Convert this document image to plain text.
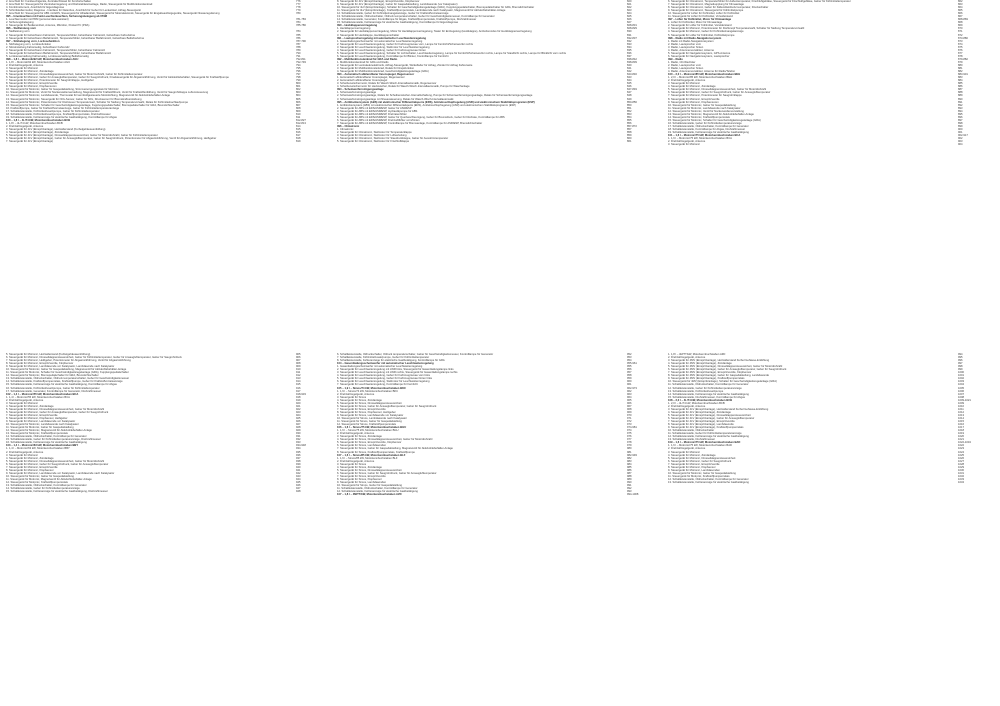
2. Anschluß für: Funkleuchtgeräte, Zentralschlüssel für Komfortschalten	776
3. Anschluß für: Steuergerät für Zentralverriegelung und Diebstahlwarnanlage, Radio, Steuergerät für Multifunktionslenkrad	777
4. Kombiinstrument, Anschluß für Eigendiagnose	778
5. Schnittstellenmodul, Diagnose - Interface für Datenbus, Anschluß für Geber für Lenkwinkel, Airbag-Steuergerät	779
7. Anschluß für: Steuergerät für ABS mit EDS, Steuergerät für Allradantrieb, Steuergerät für Motorelektronik, Steuergerät für Eingabeaufzeigegeräte, Steuergerät Niveauregulierung	780
095 – Innenleuchten mit Funk-Leuchtenleuchten, Sicherungsbelegung ab 07/98
1. Leuchtenmodul mit PDM (personal data assistant)	781-783
2. Sicherungsbelegung	784
3. Steuergerät für Bedieneinheit, Antenne, Mikrofon, Pocket PC (PDA)	785-786
096 – Stellleistung vorn
1. Stellleistung vorn	784
2. Steuergerät für beheizbaren Fahrersitz, Temperaturfühler, beheizbarer Fahrersitz, beheizbare Fahrerlehne	785
3. Steuergerät für beheizbaren Beifahrersitz, Temperaturfühler, beheizbarer Beifahrersitz, beheizbare Beifahrerlehne	786
097 – Sitzbelegung vorn, Lordosefunktion	787-790
1. Sitzbelegung vorn, Lordosefunktion	787
2. Sitzeinstellung Fahrerseitig, beheizbarer Fahrersitz	788
3. Steuergerät für beheizbaren Fahrersitz, Temperaturfühler, beheizbarer Fahrersitz	789
4. Steuergerät für beheizbaren Beifahrersitz, Temperaturfühler, beheizbarer Beifahrersitz	790
5. Lordoseverstellung Fahrerseitig, Lordoseverstellung Beifahrerseitig	791
098 – 1,8 l – Motronik/92 kW, Motorkennbuchstaben AGU	792-811
1. 1,8 l – Motronik/92 kW, Motorkennbuchstaben AGU	792-793
2. Drehzahlregelgerät, Antenne	794
3. Steuergerät für Motronic	795
4. Steuergerät für Motronic, Zündanlage	796
5. Steuergerät für Motronic, Drosselklappensteuereinheit, Geber für Motorrnehzahl, Geber für Kühlmitteltemperatur	797
6. Steuergerät für Motronic, Geber für Ansauglufttemperatur, Geber für Saugrohrdruck, Finalsteuergerät für Abgasrückführung, Ventil für Aktivkohlebehälter, Steuergerät für Kraftstoffpumpe	798
7. Steuergerät für Motronic, Potentiometer für Saugrohrklappe, Heißgeber	799
8. Steuergerät für Motronic, Einspritzventile	800
9. Steuergerät für Motronic, Klopfsensoren	801
10. Steuergerät für Motronic, Geber für Gaspedalstellung, Stromversorgungsrelais für Motronic	802
11. Steuergerät für Motronic, Ventil für Nockenwellenverstellung, Magnetventil für Kraftstoffdruck, Ventil für Kraftstoffentlüftung, Ventil für Saugrohrklappe Luftumsteuerung	803
12. Steuergerät für Motronic, Lambdasonde, Thermostat für kennfeldgesteuerte Motorkühlung, Magnetventil für Aktivkohlebehälter-Anlage	804
13. Steuergerät für Motronic, Steuergerät für NOx-Sensor, Geber für NOx, Drucksensor für Bremskraftverstärkung	805
14. Steuergerät für Motronic, Potentiometer für Drehsteuer Temperaturwert, Schalter für Stellung Temperaturvorwahl, Relais für Kühlmittelnachlaufpumpe	806
15. Steuergerät für Motronic, Schalter für Geschwindigkeitsregelanlage, Kupplungspedalschalter, Bremspedalschalter für GRA, Bremslichtschalter	807
16. Kraftstoffpumpe, Geber für Kraftstoffvorratsanzeige, Geber für Kühlmitteltemperaturanzeige	808
17. Schaltleistenstelle, Kühlmittelzusatzpumpe, Geber für Kühlmitteltemperatur	809
18. Schaltleistenstelle, Kühlmittelzusatzpumpe, Kraftstoffpumpenrelais, Drehzahlmesser	810
19. Schaltleistenstelle, Fehleranzeige für elektrische Gaslbetätigung, Kontrolllampe für Abgas	811
100 – 1,8 l – 4L/74 kW, Motorkennbuchstaben BCB	812-827
1. 1,8 l – 4L/74 kW, Motorkennbuchstaben BCB	812-813
2. Drehzahlregelgerät, Antenne	814
3. Steuergerät für 4LV (Einspritzanlage), Heizwiderstand (Kurbelgehäuseentlüftung)	815
4. Steuergerät für 4LV (Einspritzanlage), Zündanlage	816
5. Steuergerät für 4LV (Einspritzanlage), Drosselklappensteuereinheit, Geber für Motordrehzahl, Geber für Kühlmitteltemperatur	817
6. Steuergerät für 4LV (Einspritzanlage), Geber für Ansauglufttemperatur, Geber für Saugrohrdruck, Potentiometer für Abgasrückführung, Ventil für Abgasrückführung, Heißgeber	818
7. Steuergerät für 4LV (Einspritzanlage)	819
8. Steuergerät für 4LV (Einspritzanlage), Einspritzventile, Klopfsensor	820
9. Steuergerät für 4LV (Einspritzanlage), Geber für Gaspedalstellung, Lambdasonde (vor Katalysator)	821
10. Steuergerät für 4LV (Einspritzanlage), Schalter für Geschwindigkeitsregelanlage (GRA), Kupplungspedalschalter, Bremspedalschalter für GRA, Bremslichtschalter	822
11. Steuergerät für 4LV (Einspritzanlage), Kraftstoffpumpenrelais, Lambdasonde nach Katalysator, Magnetventil für Aktivkohlebehälter-Anlage	823
12. Schaltleistenstelle, Geber für Kühlmittelmangelanzeige, Geber für Kraftstoffvorratsanzeige	824
13. Schaltleistenstelle, Öldruckschalter, Öldruck temperaturschalter, Geber für Geschwindigkeitsmesser, Kontrolllampe für Generator	825
14. Schaltleistenstelle, Generator, Kontrolllampe für Abgas, Kraftstoffpumpenrelais, Kraftstoffpumpe, Drehzahlmesser	826
15. Schaltleistenstelle, Fehleranzeige für elektrische Gaslbetätigung, Kontrolllampe für Eigendiagnose	827
090 – Heckklappenverriegelung	828-831
1. Heckklappenverriegelung	828-829
2. Steuergerät für Heckklappenverriegelung, Motor für Heckklappenverriegelung, Taster für Entriegelung (Heckklappe), Antriebsmodus für Heckklappenverriegelung	830
3. Steuergerät für Heckklappe, Heckklappenschalter	831
091 – Lautsprecherregelung mit automatischer Leuchtweitenregelung	832-837
1. Gasentladungsscheinwerfer mit automatischer Leuchtweitenregelung	832
2. Steuergerät für Leuchtweitenregelung, Geber für Fahrzeugniveau vorn, Lampe für Fernlicht/Scheinwerfer rechts	833
3. Steuergerät für Leuchtweitenregelung, Stellmotor für Leuchtweitenregelung	834
4. Steuergerät für Leuchtweitenregelung, Geber für Fahrzeugniveau hinten	835
5. Steuergerät für Leuchtweitenregelung, Schalter für Lichtschalter, Leuchtweitenregelung, Lampe für Fernlicht/Scheinwerfer rechts, Lampe für Standlicht rechts, Lampe für Blinklicht vorn rechts	836
6. Steuergerät für Leuchtweitenregelung, Kontrolllampe für Blinker, Kontrolllampe für Fernlicht	837
092 – Multifunktionslenkrad für GRA und Radio	838-842
1. Multifunktionslenkrad für GRA und Radio	838-839
2. Steuergerät für Lenksäulenelektronik, Airbag-Steuergerät, Wickelfeder für Airbag, Zünder für Airbag Fahrerseite	840
3. Steuergerät für Multifunktionslenkrad, Relais für Drapsfunktion	841
4. Steuergerät für Multifunktionslenkrad, Geschwindigkeitsregelanlage (GRA)	842
093 – Automatisch abblendbarer Innenspiegel, Regensensor	843-846
1. Automatisch abblendbarer Innenspiegel, Regensensor	843
2. Automatisch abblendbarer Innenspiegel	844
3. Scheibenwischermotor, Relais für Wasch-Wisch-Intervallautomatik, Regensensor	845
4. Scheibenwischermotor für Heckwischer, Relais für Wasch-Wisch-Intervallautomatik, Pumpe für Waschanlage	846
094 – Scheinwerferreinigungsanlage	847-849
1. Scheinwerferreinigungsanlage	847
2. Scheinwerferreinigungsanlage, Relais für Scheibenwischer-Intervallschaltung, Pumpe für Scheinwerferreinigungsanlage, Relais für Scheinwerferreinigungsanlage	848
3. Scheinwerferreinigungsanlage mit Niveausteuerung, Relais für Wasch-Wisch-Intervallautomatik	849
095 – Antiblockiersystem (ABS) mit elektronischer Differentialsperre (EDS), Antriebsschlupfregelung (ASR) und elektronischem Stabilitätsprogramm (ESP)	850-856
1. Antiblockiersystem (ABS) mit elektronischer Differentialsperre (EDS), Antriebsschlupfregelung (ASR) und elektronischem Stabilitätsprogramm (ESP)	850
2. Steuergerät für ABS mit EDS/ASR/ESP, Geber für ASR/ESP	851
3. Steuergerät für ABS mit EDS/ASR/ESP, Hydraulikpumpe für ABS	852
4. Steuergerät für ABS mit EDS/ASR/ESP, Drehratenfühler	853
5. Steuergerät für ABS mit EDS/ASR/ESP, Geber für Querbeschleunigung, Geber für Bremsdruck, Geber für Drehrate, Kontrolllampe für ABS	854
6. Steuergerät für ABS mit EDS/ASR/ESP, Drehzahlfühler vorn/hinten	855
7. Steuergerät für ABS mit EDS/ASR/ESP, Kontrolllampe für Bremsanlage, Kontrolllampe für ASR/ESP, Bremslichtschalter	856
096 – Climatronic	857-872
1. Climatronic	857
2. Steuergerät für Climatronic, Stellmotor für Temperaturklappe	858
3. Steuergerät für Climatronic, Stellmotor für Luftverteilung	859
4. Steuergerät für Climatronic, Stellmotor für Staudruckklappe, Geber für Ausströmtemperatur	860
5. Steuergerät für Climatronic, Stellmotor für Frischluftklappe	861
6. Steuergerät für Climatronic, Temperaturfühler für Außentemperatur, Frischluftgebläse, Steuergerät für Frischluftgebläse, Geber für Kühlmitteltemperatur	862
7. Steuergerät für Climatronic, Magnetkupplung für Klimaanlage	863
8. Steuergerät für Climatronic, Geber für Kältemitteldruck/-temperatur, Druckschalter	864
9. Steuergerät für Climatronic, Steuergerät für Kühlmittelpumpe	865
10. Steuergerät für Lüfter für Kühlmittel, Lüfter für Kühlmittel	866
11. Steuergerät für Lüfter für Kühlmittel, Vorwiderstand	867
097 – Lüfter für Kühlmittel, Motor für Klimaanlage	868-869
1. Lüfter für Kühlmittel, Motor für Klimaanlage	868
2. Steuergerät für Lüfter für Kühlmittel, Vorwiderstand	869
3. Steuergerät für Motronic, Potentiometer für Drehknopf Temperaturwahl, Schalter für Stellung Temperaturvorwahl	870
4. Steuergerät für Motronic, Geber für Kühlmittelmangelanzeige	871
5. Steuergerät für Lüfter für Kühlmittel, Kühlmittelpumpe	872
098 – Radio mit Radio-Navigationssystem	873-880
1. Radio mit Radio-Navigationssystem	873
2. Radio, Lautsprecher vorn	874
3. Radio, Lautsprecher hinten	875
4. Radio, Antennenverstärker, Antenne	876
5. Steuergerät für Navigationssystem, GPS-Antenne	877
6. Steuergerät für Navigationssystem, Lautsprecher	878
099 – Radio	879-882
1. Radio, CD-Wechsler	879
2. Radio, Lautsprecher vorn	880
3. Radio, Lautsprecher hinten	881
4. Radio, Antennenverstärker, Antenne für Radio/Telefon	882
100 – 2,0 l – Motronic/85 kW, Motorkennbuchstaben BEH	883-901
1. 2,0 l – Motronic/85 kW, Motorkennbuchstaben BEH	883
2. Drehzahlregelgerät, Antenne	884
3. Steuergerät für Motronic	885
4. Steuergerät für Motronic, Zündanlage	886
5. Steuergerät für Motronic, Drosselklappensteuereinheit, Geber für Motordrehzahl	887
6. Steuergerät für Motronic, Geber für Saugrohrdruck, Geber für Ansauglufttemperatur	888
7. Steuergerät für Motronic, Potentiometer für Saugrohrklappe	889
8. Steuergerät für Motronic, Einspritzventile	890
9. Steuergerät für Motronic, Klopfsensoren	891
10. Steuergerät für Motronic, Geber für Gaspedalstellung	892
11. Steuergerät für Motronic, Lambdasonde nach Katalysator	893
12. Steuergerät für Motronic, Ventil für Nockenwellenverstellung	894
13. Steuergerät für Motronic, Magnetventil für Aktivkohlebehälter-Anlage	895
14. Steuergerät für Motronic, Kraftstoffpumpenrelais	896
15. Steuergerät für Motronic, Schalter für Geschwindigkeitsregelanlage (GRA)	897
16. Schaltleistenstelle, Geber für Kühlmitteltemperaturanzeige	898
17. Schaltleistenstelle, Öldruckschalter, Kontrolllampe für Generator	899
18. Schaltleistenstelle, Kontrolllampe für Abgas, Drehzahlmesser	900
19. Schaltleistenstelle, Fehleranzeige für elektrische Gaslbetätigung	901
101 – 1,6 l – Motronic/75 kW, Motorkennbuchstaben BCA	902-917
1. 1,6 l – Motronic/75 kW, Motorkennbuchstaben BCA	902
2. Drehzahlregelgerät, Antenne	903
3. Steuergerät für Motronic	904
5. Steuergerät für Motronic, Heizwiderstand (Kurbelgehäuseentlüftung)	905
6. Steuergerät für Motronic, Drosselklappensteuereinheit, Geber für Kühlmitteltemperatur, Geber für Ansauglufttemperatur, Geber für Saugrohrdruck	906
7. Steuergerät für Motronic, Heißgeber, Potentiometer für Abgasrückführung, Ventil für Abgasrückführung	907
8. Steuergerät für Motronic, Einspritzventile, Klopfsensor	908
9. Steuergerät für Motronic, Lambdasonde vor Katalysator, Lambdasonde nach Katalysator	909
10. Steuergerät für Motronic, Geber für Gaspedalstellung, Magnetventil für Aktivkohlebehälter-Anlage	910
11. Steuergerät für Motronic, Schalter für Geschwindigkeitsregelanlage (GRA), Kupplungspedalschalter	911
12. Steuergerät für Motronic, Bremspedalschalter für GRA, Bremslichtschalter	912
13. Schaltleistenstelle, Öldruckschalter, Öldruck temperaturschalter, Geber für Geschwindigkeitsmesser	913
14. Schaltleistenstelle, Kraftstoffpumpenrelais, Kraftstoffpumpe, Geber für Kraftstoffvorratsanzeige	914
15. Schaltleistenstelle, Fehleranzeige für elektrische Gaslbetätigung, Kontrolllampe für Abgas	915
16. Schaltleistenstelle, Kühlmittelzusatzpumpe, Geber für Kühlmitteltemperatur	916
17. Schaltleistenstelle, Generator, Kontrolllampe für Generator, Drehzahlmesser	917
102 – 1,4 l – Motronic/55 kW, Motorkennbuchstaben BCA	918-933
1. 1,4 l – Motronic/55 kW, Motorkennbuchstaben BCA	918
2. Drehzahlregelgerät, Antenne	919
3. Steuergerät für Motronic	920
4. Steuergerät für Motronic, Zündanlage	921
5. Steuergerät für Motronic, Drosselklappensteuereinheit, Geber für Motordrehzahl	922
6. Steuergerät für Motronic, Geber für Ansauglufttemperatur, Geber für Saugrohrdruck	923
7. Steuergerät für Motronic, Einspritzventile	924
8. Steuergerät für Motronic, Klopfsensor, Heißgeber	925
9. Steuergerät für Motronic, Lambdasonde vor Katalysator	926
10. Steuergerät für Motronic, Lambdasonde nach Katalysator	927
11. Steuergerät für Motronic, Geber für Gaspedalstellung	928
12. Steuergerät für Motronic, Magnetventil für Aktivkohlebehälter-Anlage	929
13. Steuergerät für Motronic, Kraftstoffpumpenrelais	930
14. Schaltleistenstelle, Öldruckschalter, Kontrolllampe für Generator	931
15. Schaltleistenstelle, Geber für Kühlmitteltemperaturanzeige, Drehzahlmesser	932
16. Schaltleistenstelle, Fehleranzeige für elektrische Gaslbetätigung	933
103 – 1,4 l – Motronic/63 kW, Motorkennbuchstaben BBY	934-948
1. 1,4 l – Motronic/63 kW, Motorkennbuchstaben BBY	934
2. Drehzahlregelgerät, Antenne	935
3. Steuergerät für Motronic	936
4. Steuergerät für Motronic, Zündanlage	937
5. Steuergerät für Motronic, Drosselklappensteuereinheit, Geber für Motordrehzahl	938
6. Steuergerät für Motronic, Geber für Saugrohrdruck, Geber für Ansauglufttemperatur	939
7. Steuergerät für Motronic, Einspritzventile	940
8. Steuergerät für Motronic, Klopfsensor	941
9. Steuergerät für Motronic, Lambdasonde vor Katalysator, Lambdasonde nach Katalysator	942
10. Steuergerät für Motronic, Geber für Gaspedalstellung	943
11. Steuergerät für Motronic, Magnetventil für Aktivkohlebehälter-Anlage	944
12. Steuergerät für Motronic, Kraftstoffpumpenrelais	945
13. Schaltleistenstelle, Öldruckschalter, Kontrolllampe für Generator	946
14. Schaltleistenstelle, Geber für Kühlmitteltemperaturanzeige	947
15. Schaltleistenstelle, Fehleranzeige für elektrische Gaslbetätigung, Drehzahlmesser	948
6. Schaltleistenstelle, Öldruckschalter, Öldruck temperaturschalter, Geber für Geschwindigkeitsmesser, Kontrolllampe für Generator	952
7. Schaltleistenstelle, Kühlmittelzusatzpumpe, Geber für Kühlmitteltemperatur	953
8. Schaltleistenstelle, Fehleranzeige für elektrische Gaslbetätigung, Kontrolllampe für GRA	954
104 – Gasentladungsscheinwerfer mit automatischer Leuchtweitenregelung	955-961
1. Gasentladungsscheinwerfer mit automatischer Leuchtweitenregelung	955
2. Steuergerät für Leuchtweitenregelung mit LWR links, Steuergerät für Gasentladungslampe links	956
3. Steuergerät für Leuchtweitenregelung mit LWR rechts, Steuergerät für Gasentladungslampe rechts	957
4. Steuergerät für Leuchtweitenregelung, Geber für Fahrzeugniveau vorn links	958
5. Steuergerät für Leuchtweitenregelung, Geber für Fahrzeugniveau hinten links	959
6. Steuergerät für Leuchtweitenregelung, Stellmotor für Leuchtweitenregelung	960
7. Steuergerät für Leuchtweitenregelung, Kontrolllampe für Fernlicht	961
105 – 1,9 l – Simos/74 kW, Motorkennbuchstaben BKC	962-973
1. 1,9 l – Simos/74 kW, Motorkennbuchstaben BKC	962
2. Drehzahlregelgerät, Antenne	963
3. Steuergerät für Simos	964
4. Steuergerät für Simos, Zündanlage	965
5. Steuergerät für Simos, Drosselklappensteuereinheit	966
6. Steuergerät für Simos, Geber für Ansauglufttemperatur, Geber für Saugrohrdruck	967
7. Steuergerät für Simos, Einspritzventile	968
8. Steuergerät für Simos, Klopfsensor, Heißgeber	969
9. Steuergerät für Simos, Lambdasonde vor Katalysator	970
10. Steuergerät für Simos, Lambdasonde nach Katalysator	971
11. Steuergerät für Simos, Geber für Gaspedalstellung	972
12. Steuergerät für Simos, Kraftstoffpumpenrelais	973
106 – 1,6 l – Simos/75 kW, Motorkennbuchstaben BGU	974-981
1. 1,6 l – Simos/75 kW, Motorkennbuchstaben BGU	974
2. Drehzahlregelgerät, Antenne	975
3. Steuergerät für Simos, Zündanlage	976
4. Steuergerät für Simos, Drosselklappensteuereinheit, Geber für Motordrehzahl	977
5. Steuergerät für Simos, Einspritzventile, Klopfsensor	978
6. Steuergerät für Simos, Lambdasonden	979
7. Steuergerät für Simos, Geber für Gaspedalstellung, Magnetventil für Aktivkohlebehälter-Anlage	980
8. Steuergerät für Simos, Kraftstoffpumpenrelais, Kraftstoffpumpe	981
107 – 1,6 l – Simos/85 kW, Motorkennbuchstaben BLF	982-993
1. 1,6 l – Simos/85 kW, Motorkennbuchstaben BLF	982
2. Drehzahlregelgerät, Antenne	983
3. Steuergerät für Simos	984
4. Steuergerät für Simos, Zündanlage	985
5. Steuergerät für Simos, Drosselklappensteuereinheit	986
6. Steuergerät für Simos, Geber für Saugrohrdruck, Geber für Ansauglufttemperatur	987
7. Steuergerät für Simos, Einspritzventile	988
8. Steuergerät für Simos, Klopfsensor	989
9. Steuergerät für Simos, Lambdasonden	990
10. Steuergerät für Simos, Geber für Gaspedalstellung	991
11. Schaltleistenstelle, Öldruckschalter, Kontrolllampe für Generator	992
12. Schaltleistenstelle, Fehleranzeige für elektrische Gaslbetätigung	993
107 – 1,8 l – 4M/TT/kW, Motorkennbuchstaben AZD	994-1008
1. 1,8 l – 4M/TT/kW, Motorkennbuchstaben AZD	994
2. Drehzahlregelgerät, Antenne	995
3. Steuergerät für 4MV (Einspritzanlage), Heizwiderstand Kurbel Gehäuse-Entlüftung	996
4. Steuergerät für 4MV (Einspritzanlage), Zündanlage	997
5. Steuergerät für 4MV (Einspritzanlage), Drosselklappensteuereinheit, Geber für Motordrehzahl	998
6. Steuergerät für 4MV (Einspritzanlage), Geber für Ansauglufttemperatur, Geber für Saugrohrdruck	999
7. Steuergerät für 4MV (Einspritzanlage), Einspritzventile, Klopfsensor	1000
8. Steuergerät für 4MV (Einspritzanlage), Geber für Gaspedalstellung, Lambdasonde	1001
9. Steuergerät für 4MV (Einspritzanlage), Kraftstoffpumpenrelais	1002
10. Steuergerät für 4MV (Einspritzanlage), Schalter für Geschwindigkeitsregelanlage (GRA)	1003
11. Schaltleistenstelle, Öldruckschalter, Kontrolllampe für Generator	1004
12. Schaltleistenstelle, Geber für Kühlmitteltemperaturanzeige	1005
13. Schaltleistenstelle, Kühlmittelzusatzpumpe	1006
14. Schaltleistenstelle, Fehleranzeige für elektrische Gaslbetätigung	1007
15. Schaltleistenstelle, Drehzahlmesser, Kontrolllampe für Abgas	1008
108 – 2,0 l – 4L/74 kW, Motorkennbuchstaben BCB	1009-1021
1. 2,0 l – 4L/74 kW, Motorkennbuchstaben BCB	1009
2. Drehzahlregelgerät, Antenne	1010
3. Steuergerät für 4LV (Einspritzanlage), Heizwiderstand Kurbel Gehäuse-Entlüftung	1011
4. Steuergerät für 4LV (Einspritzanlage), Zündanlage	1012
5. Steuergerät für 4LV (Einspritzanlage), Drosselklappensteuereinheit	1013
6. Steuergerät für 4LV (Einspritzanlage), Geber für Ansauglufttemperatur	1014
7. Steuergerät für 4LV (Einspritzanlage), Einspritzventile	1015
8. Steuergerät für 4LV (Einspritzanlage), Lambdasonde	1016
9. Steuergerät für 4LV (Einspritzanlage), Kraftstoffpumpenrelais	1017
10. Schaltleistenstelle, Öldruckschalter	1018
11. Schaltleistenstelle, Geber für Kühlmitteltemperaturanzeige	1019
12. Schaltleistenstelle, Fehleranzeige für elektrische Gaslbetätigung	1020
13. Schaltleistenstelle, Drehzahlmesser	1021
109 – 1,6 l – Motronic/75 kW, Motorkennbuchstaben BAD	1022-1034
1. 1,6 l – Motronic/75 kW, Motorkennbuchstaben BAD	1022
2. Drehzahlregelgerät, Antenne	1023
3. Steuergerät für Motronic	1024
4. Steuergerät für Motronic, Zündanlage	1025
5. Steuergerät für Motronic, Drosselklappensteuereinheit	1026
6. Steuergerät für Motronic, Geber für Saugrohrdruck	1027
7. Steuergerät für Motronic, Einspritzventile	1028
8. Steuergerät für Motronic, Klopfsensor	1029
9. Steuergerät für Motronic, Lambdasonden	1030
10. Steuergerät für Motronic, Geber für Gaspedalstellung	1031
11. Steuergerät für Motronic, Kraftstoffpumpenrelais	1032
12. Schaltleistenstelle, Öldruckschalter, Kontrolllampe für Generator	1033
13. Schaltleistenstelle, Fehleranzeige für elektrische Gaslbetätigung	1034
